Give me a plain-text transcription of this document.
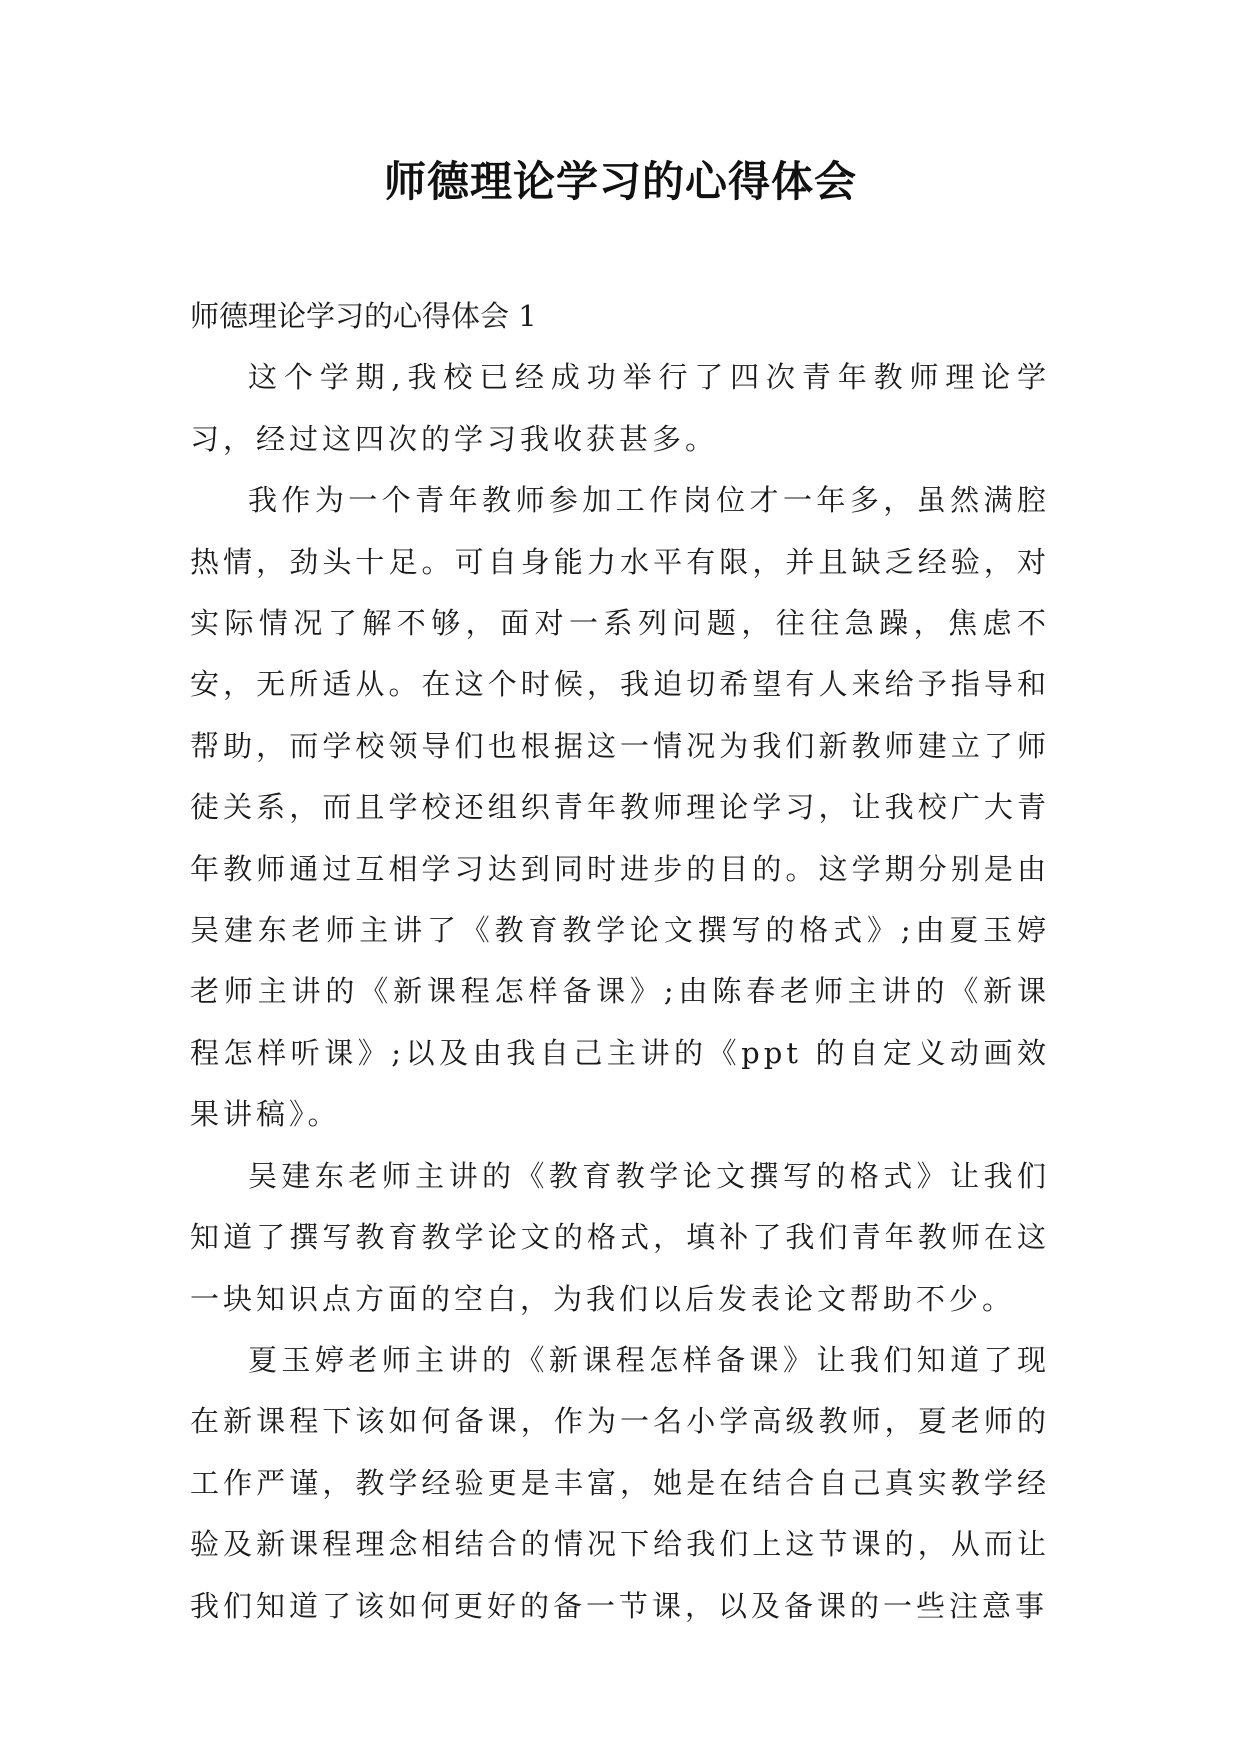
师德理论学习的心得体会

师德理论学习的心得体会 1

这个学期,我校已经成功举行了四次青年教师理论学习，经过这四次的学习我收获甚多。

我作为一个青年教师参加工作岗位才一年多，虽然满腔热情，劲头十足。可自身能力水平有限，并且缺乏经验，对实际情况了解不够，面对一系列问题，往往急躁，焦虑不安，无所适从。在这个时候，我迫切希望有人来给予指导和帮助，而学校领导们也根据这一情况为我们新教师建立了师徒关系，而且学校还组织青年教师理论学习，让我校广大青年教师通过互相学习达到同时进步的目的。这学期分别是由吴建东老师主讲了《教育教学论文撰写的格式》;由夏玉婷老师主讲的《新课程怎样备课》;由陈春老师主讲的《新课程怎样听课》;以及由我自己主讲的《ppt 的自定义动画效果讲稿》。

吴建东老师主讲的《教育教学论文撰写的格式》让我们知道了撰写教育教学论文的格式，填补了我们青年教师在这一块知识点方面的空白，为我们以后发表论文帮助不少。

夏玉婷老师主讲的《新课程怎样备课》让我们知道了现在新课程下该如何备课，作为一名小学高级教师，夏老师的工作严谨，教学经验更是丰富，她是在结合自己真实教学经验及新课程理念相结合的情况下给我们上这节课的，从而让我们知道了该如何更好的备一节课，以及备课的一些注意事
